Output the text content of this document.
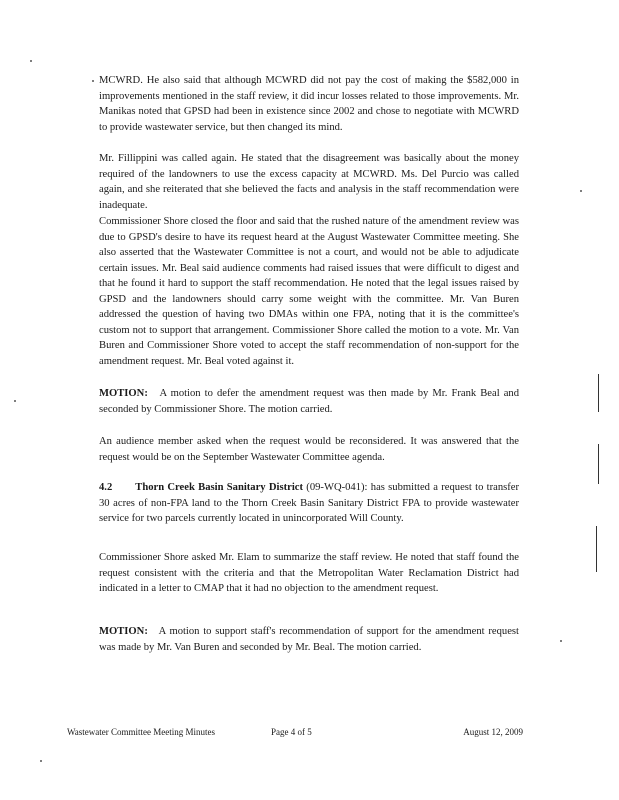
MCWRD. He also said that although MCWRD did not pay the cost of making the $582,000 in improvements mentioned in the staff review, it did incur losses related to those improvements. Mr. Manikas noted that GPSD had been in existence since 2002 and chose to negotiate with MCWRD to provide wastewater service, but then changed its mind.

Mr. Fillippini was called again. He stated that the disagreement was basically about the money required of the landowners to use the excess capacity at MCWRD. Ms. Del Purcio was called again, and she reiterated that she believed the facts and analysis in the staff recommendation were inadequate.

Commissioner Shore closed the floor and said that the rushed nature of the amendment review was due to GPSD's desire to have its request heard at the August Wastewater Committee meeting. She also asserted that the Wastewater Committee is not a court, and would not be able to adjudicate certain issues. Mr. Beal said audience comments had raised issues that were difficult to digest and that he found it hard to support the staff recommendation. He noted that the legal issues raised by GPSD and the landowners should carry some weight with the committee. Mr. Van Buren addressed the question of having two DMAs within one FPA, noting that it is the committee's custom not to support that arrangement. Commissioner Shore called the motion to a vote. Mr. Van Buren and Commissioner Shore voted to accept the staff recommendation of non-support for the amendment request. Mr. Beal voted against it.

MOTION: A motion to defer the amendment request was then made by Mr. Frank Beal and seconded by Commissioner Shore. The motion carried.

An audience member asked when the request would be reconsidered. It was answered that the request would be on the September Wastewater Committee agenda.

4.2 Thorn Creek Basin Sanitary District (09-WQ-041): has submitted a request to transfer 30 acres of non-FPA land to the Thorn Creek Basin Sanitary District FPA to provide wastewater service for two parcels currently located in unincorporated Will County.

Commissioner Shore asked Mr. Elam to summarize the staff review. He noted that staff found the request consistent with the criteria and that the Metropolitan Water Reclamation District had indicated in a letter to CMAP that it had no objection to the amendment request.

MOTION: A motion to support staff's recommendation of support for the amendment request was made by Mr. Van Buren and seconded by Mr. Beal. The motion carried.

Wastewater Committee Meeting Minutes	Page 4 of 5	August 12, 2009
